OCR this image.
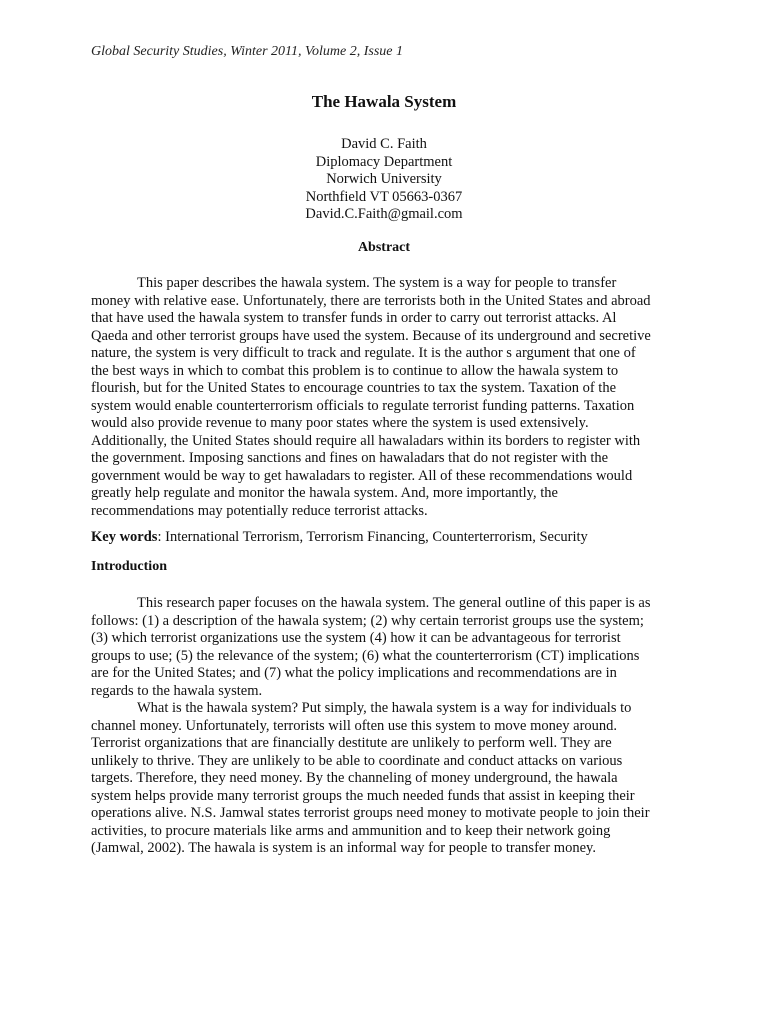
Global Security Studies, Winter 2011, Volume 2, Issue 1
The Hawala System
David C. Faith
Diplomacy Department
Norwich University
Northfield VT 05663-0367
David.C.Faith@gmail.com
Abstract
This paper describes the hawala system. The system is a way for people to transfer
money with relative ease. Unfortunately, there are terrorists both in the United States and abroad
that have used the hawala system to transfer funds in order to carry out terrorist attacks. Al
Qaeda and other terrorist groups have used the system. Because of its underground and secretive
nature, the system is very difficult to track and regulate. It is the author s argument that one of
the best ways in which to combat this problem is to continue to allow the hawala system to
flourish, but for the United States to encourage countries to tax the system. Taxation of the
system would enable counterterrorism officials to regulate terrorist funding patterns. Taxation
would also provide revenue to many poor states where the system is used extensively.
Additionally, the United States should require all hawaladars within its borders to register with
the government. Imposing sanctions and fines on hawaladars that do not register with the
government would be way to get hawaladars to register. All of these recommendations would
greatly help regulate and monitor the hawala system. And, more importantly, the
recommendations may potentially reduce terrorist attacks.
Key words: International Terrorism, Terrorism Financing, Counterterrorism, Security
Introduction
This research paper focuses on the hawala system. The general outline of this paper is as
follows: (1) a description of the hawala system; (2) why certain terrorist groups use the system;
(3) which terrorist organizations use the system (4) how it can be advantageous for terrorist
groups to use; (5) the relevance of the system; (6) what the counterterrorism (CT) implications
are for the United States; and (7) what the policy implications and recommendations are in
regards to the hawala system.
What is the hawala system? Put simply, the hawala system is a way for individuals to
channel money. Unfortunately, terrorists will often use this system to move money around.
Terrorist organizations that are financially destitute are unlikely to perform well. They are
unlikely to thrive. They are unlikely to be able to coordinate and conduct attacks on various
targets. Therefore, they need money. By the channeling of money underground, the hawala
system helps provide many terrorist groups the much needed funds that assist in keeping their
operations alive. N.S. Jamwal states terrorist groups need money to motivate people to join their
activities, to procure materials like arms and ammunition and to keep their network going
(Jamwal, 2002). The hawala is system is an informal way for people to transfer money.
